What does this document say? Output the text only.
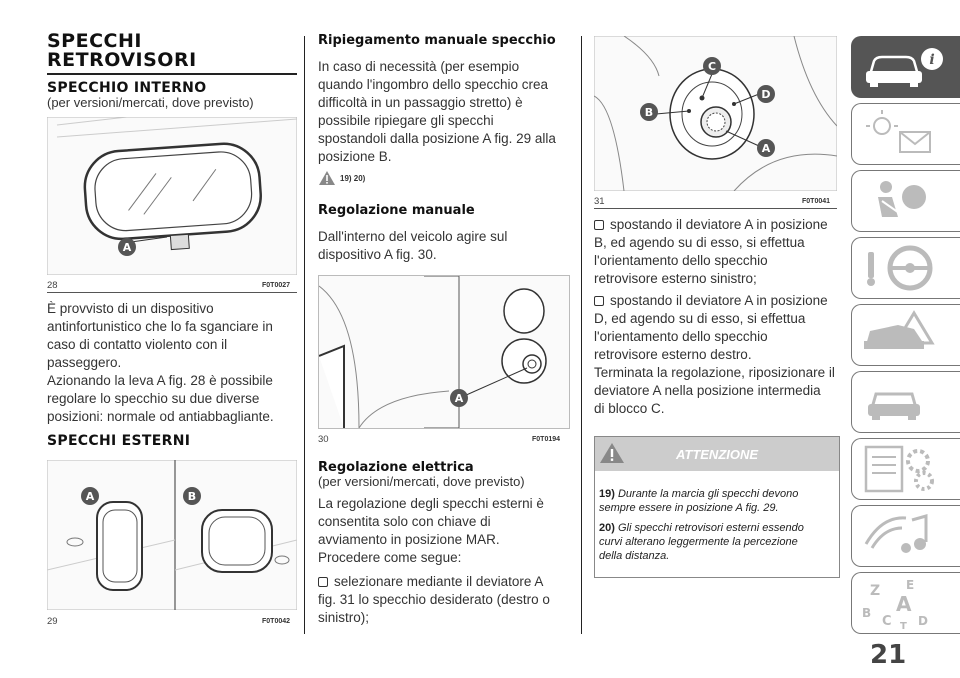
SPECCHI
RETROVISORI
SPECCHIO INTERNO
(per versioni/mercati, dove previsto)
A
28	F0T0027
È provvisto di un dispositivo
antinfortunistico che lo fa sganciare in
caso di contatto violento con il
passeggero.
Azionando la leva A fig. 28 è possibile
regolare lo specchio su due diverse
posizioni: normale od antiabbagliante.
SPECCHI ESTERNI
A	B
29	F0T0042
Ripiegamento manuale specchio
In caso di necessità (per esempio
quando l'ingombro dello specchio crea
difficoltà in un passaggio stretto) è
possibile ripiegare gli specchi
spostandoli dalla posizione A fig. 29 alla
posizione B.
19) 20)
Regolazione manuale
Dall'interno del veicolo agire sul
dispositivo A fig. 30.
A
30	F0T0194
Regolazione elettrica
(per versioni/mercati, dove previsto)
La regolazione degli specchi esterni è
consentita solo con chiave di
avviamento in posizione MAR.
Procedere come segue:
selezionare mediante il deviatore A
fig. 31 lo specchio desiderato (destro o
sinistro);
C
D
B
A
31	F0T0041
spostando il deviatore A in posizione
B, ed agendo su di esso, si effettua
l'orientamento dello specchio
retrovisore esterno sinistro;
spostando il deviatore A in posizione
D, ed agendo su di esso, si effettua
l'orientamento dello specchio
retrovisore esterno destro.
Terminata la regolazione, riposizionare il
deviatore A nella posizione intermedia
di blocco C.
ATTENZIONE
19) Durante la marcia gli specchi devono
sempre essere in posizione A fig. 29.
20) Gli specchi retrovisori esterni essendo
curvi alterano leggermente la percezione
della distanza.
i
Z E
B A
C D
T
21
